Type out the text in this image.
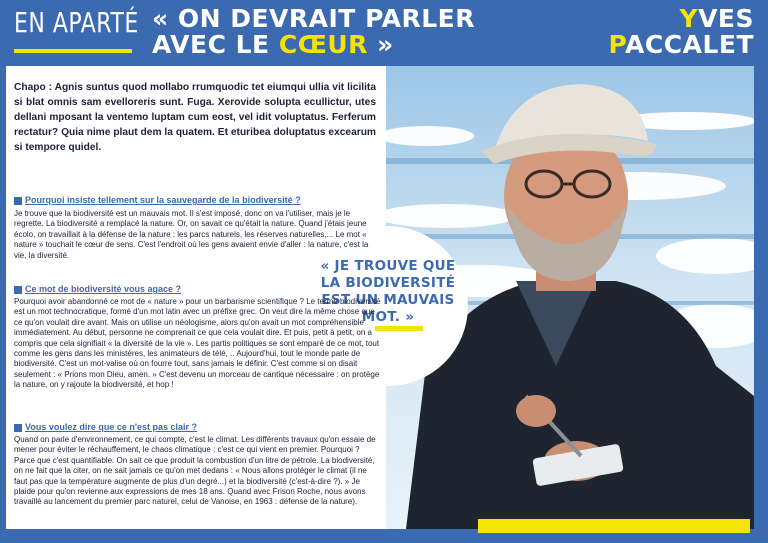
EN APARTÉ « ON DEVRAIT PARLER
AVEC LE CŒUR »
YVES
PACCALET
« JE TROUVE QUE
LA BIODIVERSITÉ
EST UN MAUVAIS
MOT. »
Chapo : Agnis suntus quod mollabo rrumquodic tet eiumqui ullia vit licilita si blat omnis sam evelloreris sunt. Fuga. Xerovide solupta ecullictur, utes dellani mposant la ventemo luptam cum eost, vel idit voluptatus. Ferferum rectatur? Quia nime plaut dem la quatem. Et eturibea doluptatus excearum si tempore quidel.
Pourquoi insiste tellement sur la sauvegarde de la biodiversité ?
Je trouve que la biodiversité est un mauvais mot. Il s'est imposé, donc on va l'utiliser, mais je le regrette. La biodiversité a remplacé la nature. Or, on savait ce qu'était la nature. Quand j'étais jeune écolo, on travaillait à la défense de la nature : les parcs naturels, les réserves naturelles,... Le mot « nature » touchait le cœur de sens. C'est l'endroit où les gens avaient envie d'aller : la nature, c'est la vie, la diversité.
Ce mot de biodiversité vous agace ?
Pourquoi avoir abandonné ce mot de « nature » pour un barbarisme scientifique ? Le terme biodiversité est un mot technocratique, formé d'un mot latin avec un préfixe grec. On veut dire la même chose que ce qu'on voulait dire avant. Mais on utilise un néologisme, alors qu'on avait un mot compréhensible immédiatement. Au début, personne ne comprenait ce que cela voulait dire. Et puis, petit à petit, on a compris que cela signifiait « la diversité de la vie ». Les partis politiques se sont emparé de ce mot, tout comme les gens dans les ministères, les animateurs de télé, .. Aujourd'hui, tout le monde parle de biodiversité. C'est un mot-valise où on fourre tout, sans jamais le définir. C'est comme si on disait seulement : « Prions mon Dieu, amen. » C'est devenu un morceau de cantique nécessaire : on protège la nature, on y rajoute la biodiversité, et hop !
Vous voulez dire que ce n'est pas clair ?
Quand on parle d'environnement, ce qui compte, c'est le climat. Les différents travaux qu'on essaie de mener pour éviter le réchauffement, le chaos climatique : c'est ce qui vient en premier. Pourquoi ? Parce que c'est quantifiable. On sait ce que produit la combustion d'un litre de pétrole. La biodiversité, on ne fait que la citer, on ne sait jamais ce qu'on met dedans : « Nous allons protéger le climat (il ne faut pas que la température augmente de plus d'un degré...) et la biodiversité (c'est-à-dire ?). » Je plaide pour qu'on revienne aux expressions de mes 18 ans. Quand avec Frison Roche, nous avons travaillé au lancement du premier parc naturel, celui de Vanoise, en 1963 : défense de la nature).
